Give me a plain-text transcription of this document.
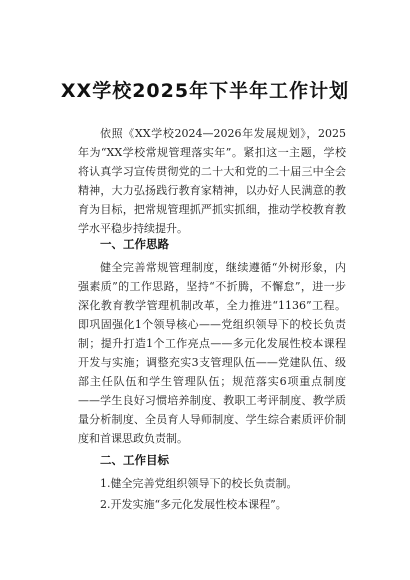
XX学校2025年下半年工作计划

依照《XX学校2024—2026年发展规划》，2025年为“XX学校常规管理落实年”。紧扣这一主题，学校将认真学习宣传贯彻党的二十大和党的二十届三中全会精神，大力弘扬践行教育家精神，以办好人民满意的教育为目标，把常规管理抓严抓实抓细，推动学校教育教学水平稳步持续提升。

一、工作思路

健全完善常规管理制度，继续遵循“外树形象，内强素质”的工作思路，坚持“不折腾，不懈怠”，进一步深化教育教学管理机制改革，全力推进“1136”工程。即巩固强化1个领导核心——党组织领导下的校长负责制；提升打造1个工作亮点——多元化发展性校本课程开发与实施；调整充实3支管理队伍——党建队伍、级部主任队伍和学生管理队伍；规范落实6项重点制度——学生良好习惯培养制度、教职工考评制度、教学质量分析制度、全员育人导师制度、学生综合素质评价制度和首课思政负责制。

二、工作目标
1.健全完善党组织领导下的校长负责制。
2.开发实施“多元化发展性校本课程”。
